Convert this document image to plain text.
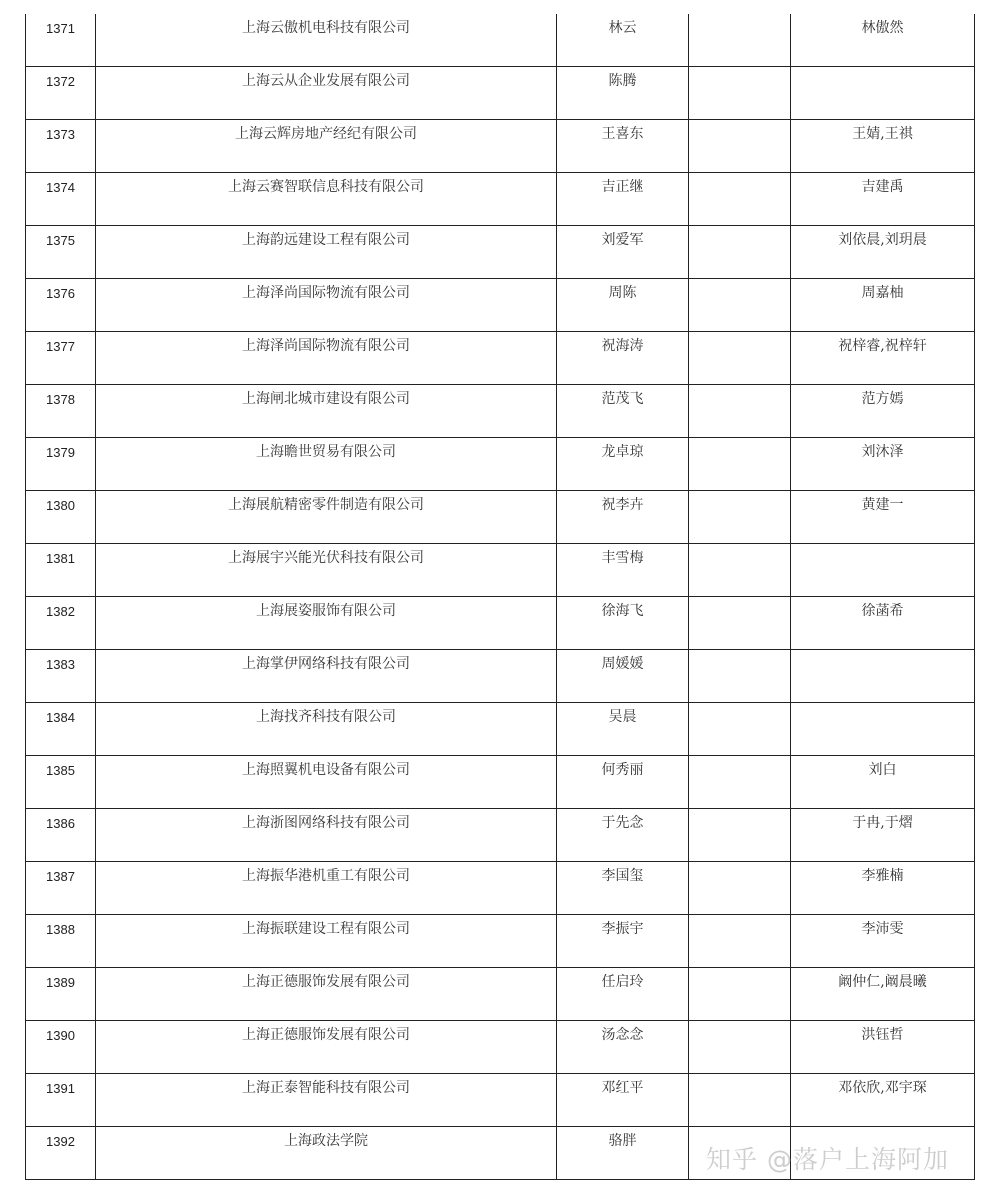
1371	上海云傲机电科技有限公司	林云		林傲然

1372	上海云从企业发展有限公司	陈腾		

1373	上海云辉房地产经纪有限公司	王喜东		王婧,王祺

1374	上海云赛智联信息科技有限公司	吉正继		吉建禹

1375	上海韵远建设工程有限公司	刘爱军		刘依晨,刘玥晨

1376	上海泽尚国际物流有限公司	周陈		周嘉柚

1377	上海泽尚国际物流有限公司	祝海涛		祝梓睿,祝梓轩

1378	上海闸北城市建设有限公司	范茂飞		范方嫣

1379	上海瞻世贸易有限公司	龙卓琼		刘沐泽

1380	上海展航精密零件制造有限公司	祝李卉		黄建一

1381	上海展宇兴能光伏科技有限公司	丰雪梅		

1382	上海展姿服饰有限公司	徐海飞		徐菡希

1383	上海掌伊网络科技有限公司	周媛媛		

1384	上海找齐科技有限公司	吴晨		

1385	上海照翼机电设备有限公司	何秀丽		刘白

1386	上海浙图网络科技有限公司	于先念		于冉,于熠

1387	上海振华港机重工有限公司	李国玺		李雅楠

1388	上海振联建设工程有限公司	李振宇		李沛雯

1389	上海正德服饰发展有限公司	任启玲		阚仲仁,阚晨曦

1390	上海正德服饰发展有限公司	汤念念		洪钰哲

1391	上海正泰智能科技有限公司	邓红平		邓依欣,邓宇琛

1392	上海政法学院	骆胖		

知乎 @落户上海阿加
